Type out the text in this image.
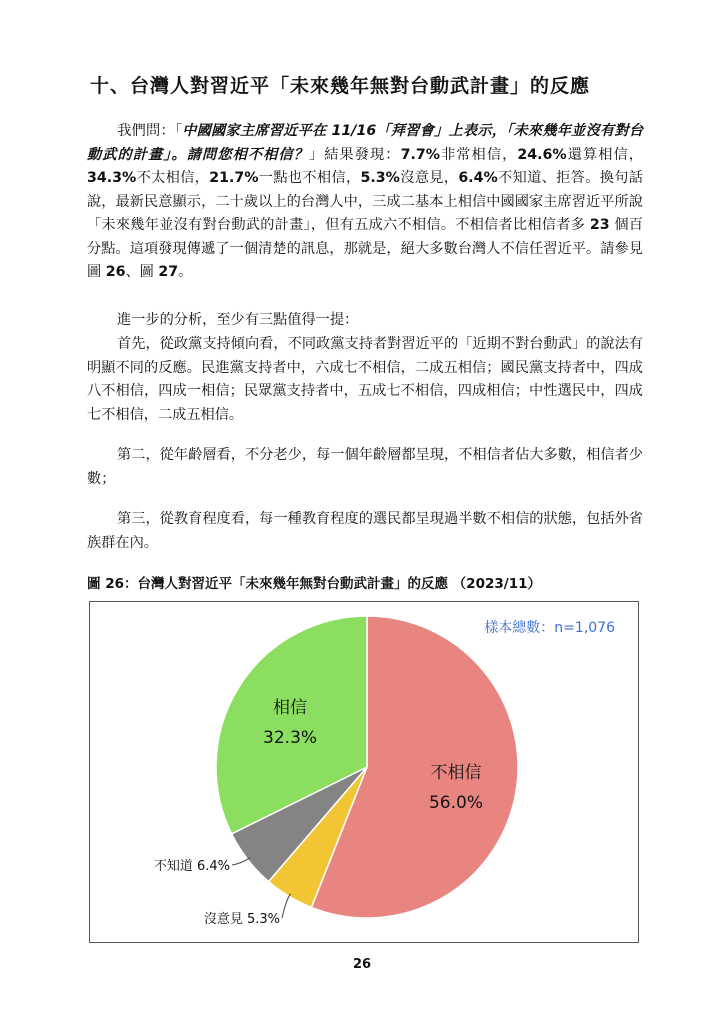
十、台灣人對習近平「未來幾年無對台動武計畫」的反應
我們問：「中國國家主席習近平在 11/16「拜習會」上表示，「未來幾年並沒有對台動武的計畫」。請問您相不相信？」結果發現：7.7%非常相信，24.6%還算相信，34.3%不太相信，21.7%一點也不相信，5.3%沒意見，6.4%不知道、拒答。換句話說，最新民意顯示，二十歲以上的台灣人中，三成二基本上相信中國國家主席習近平所說「未來幾年並沒有對台動武的計畫」，但有五成六不相信。不相信者比相信者多 23 個百分點。這項發現傳遞了一個清楚的訊息，那就是，絕大多數台灣人不信任習近平。請參見圖 26、圖 27。
進一步的分析，至少有三點值得一提：
首先，從政黨支持傾向看，不同政黨支持者對習近平的「近期不對台動武」的說法有明顯不同的反應。民進黨支持者中，六成七不相信，二成五相信；國民黨支持者中，四成八不相信，四成一相信；民眾黨支持者中，五成七不相信，四成相信；中性選民中，四成七不相信，二成五相信。
第二，從年齡層看，不分老少，每一個年齡層都呈現，不相信者佔大多數，相信者少數；
第三，從教育程度看，每一種教育程度的選民都呈現過半數不相信的狀態，包括外省族群在內。
圖 26：台灣人對習近平「未來幾年無對台動武計畫」的反應 （2023/11）
樣本總數：n=1,076
不相信
56.0%
相信
32.3%
不知道 6.4%
沒意見 5.3%
26
